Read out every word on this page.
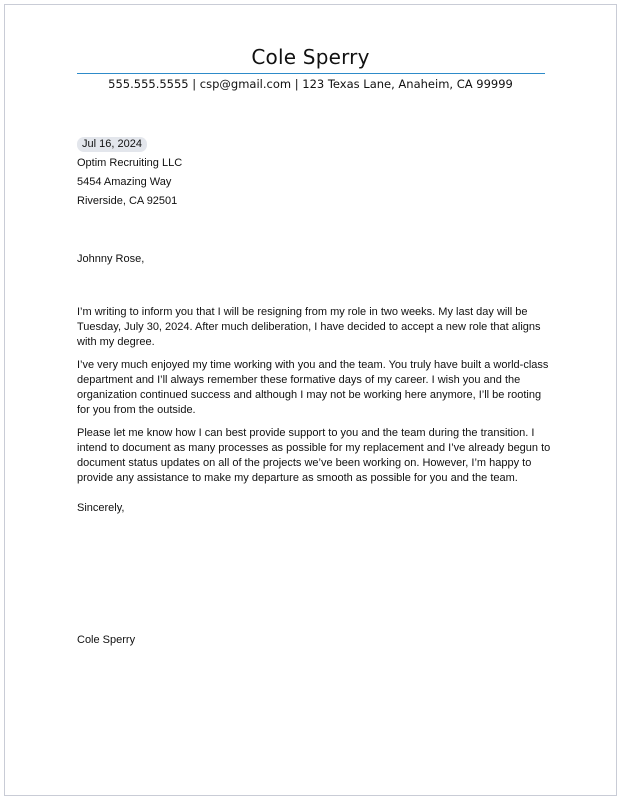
Cole Sperry
555.555.5555 | csp@gmail.com | 123 Texas Lane, Anaheim, CA 99999
Jul 16, 2024
Optim Recruiting LLC
5454 Amazing Way
Riverside, CA 92501
Johnny Rose,

I’m writing to inform you that I will be resigning from my role in two weeks. My last day will be Tuesday, July 30, 2024. After much deliberation, I have decided to accept a new role that aligns with my degree.

I’ve very much enjoyed my time working with you and the team. You truly have built a world-class department and I’ll always remember these formative days of my career. I wish you and the organization continued success and although I may not be working here anymore, I’ll be rooting for you from the outside.

Please let me know how I can best provide support to you and the team during the transition. I intend to document as many processes as possible for my replacement and I’ve already begun to document status updates on all of the projects we’ve been working on. However, I’m happy to provide any assistance to make my departure as smooth as possible for you and the team.

Sincerely,
Cole Sperry
